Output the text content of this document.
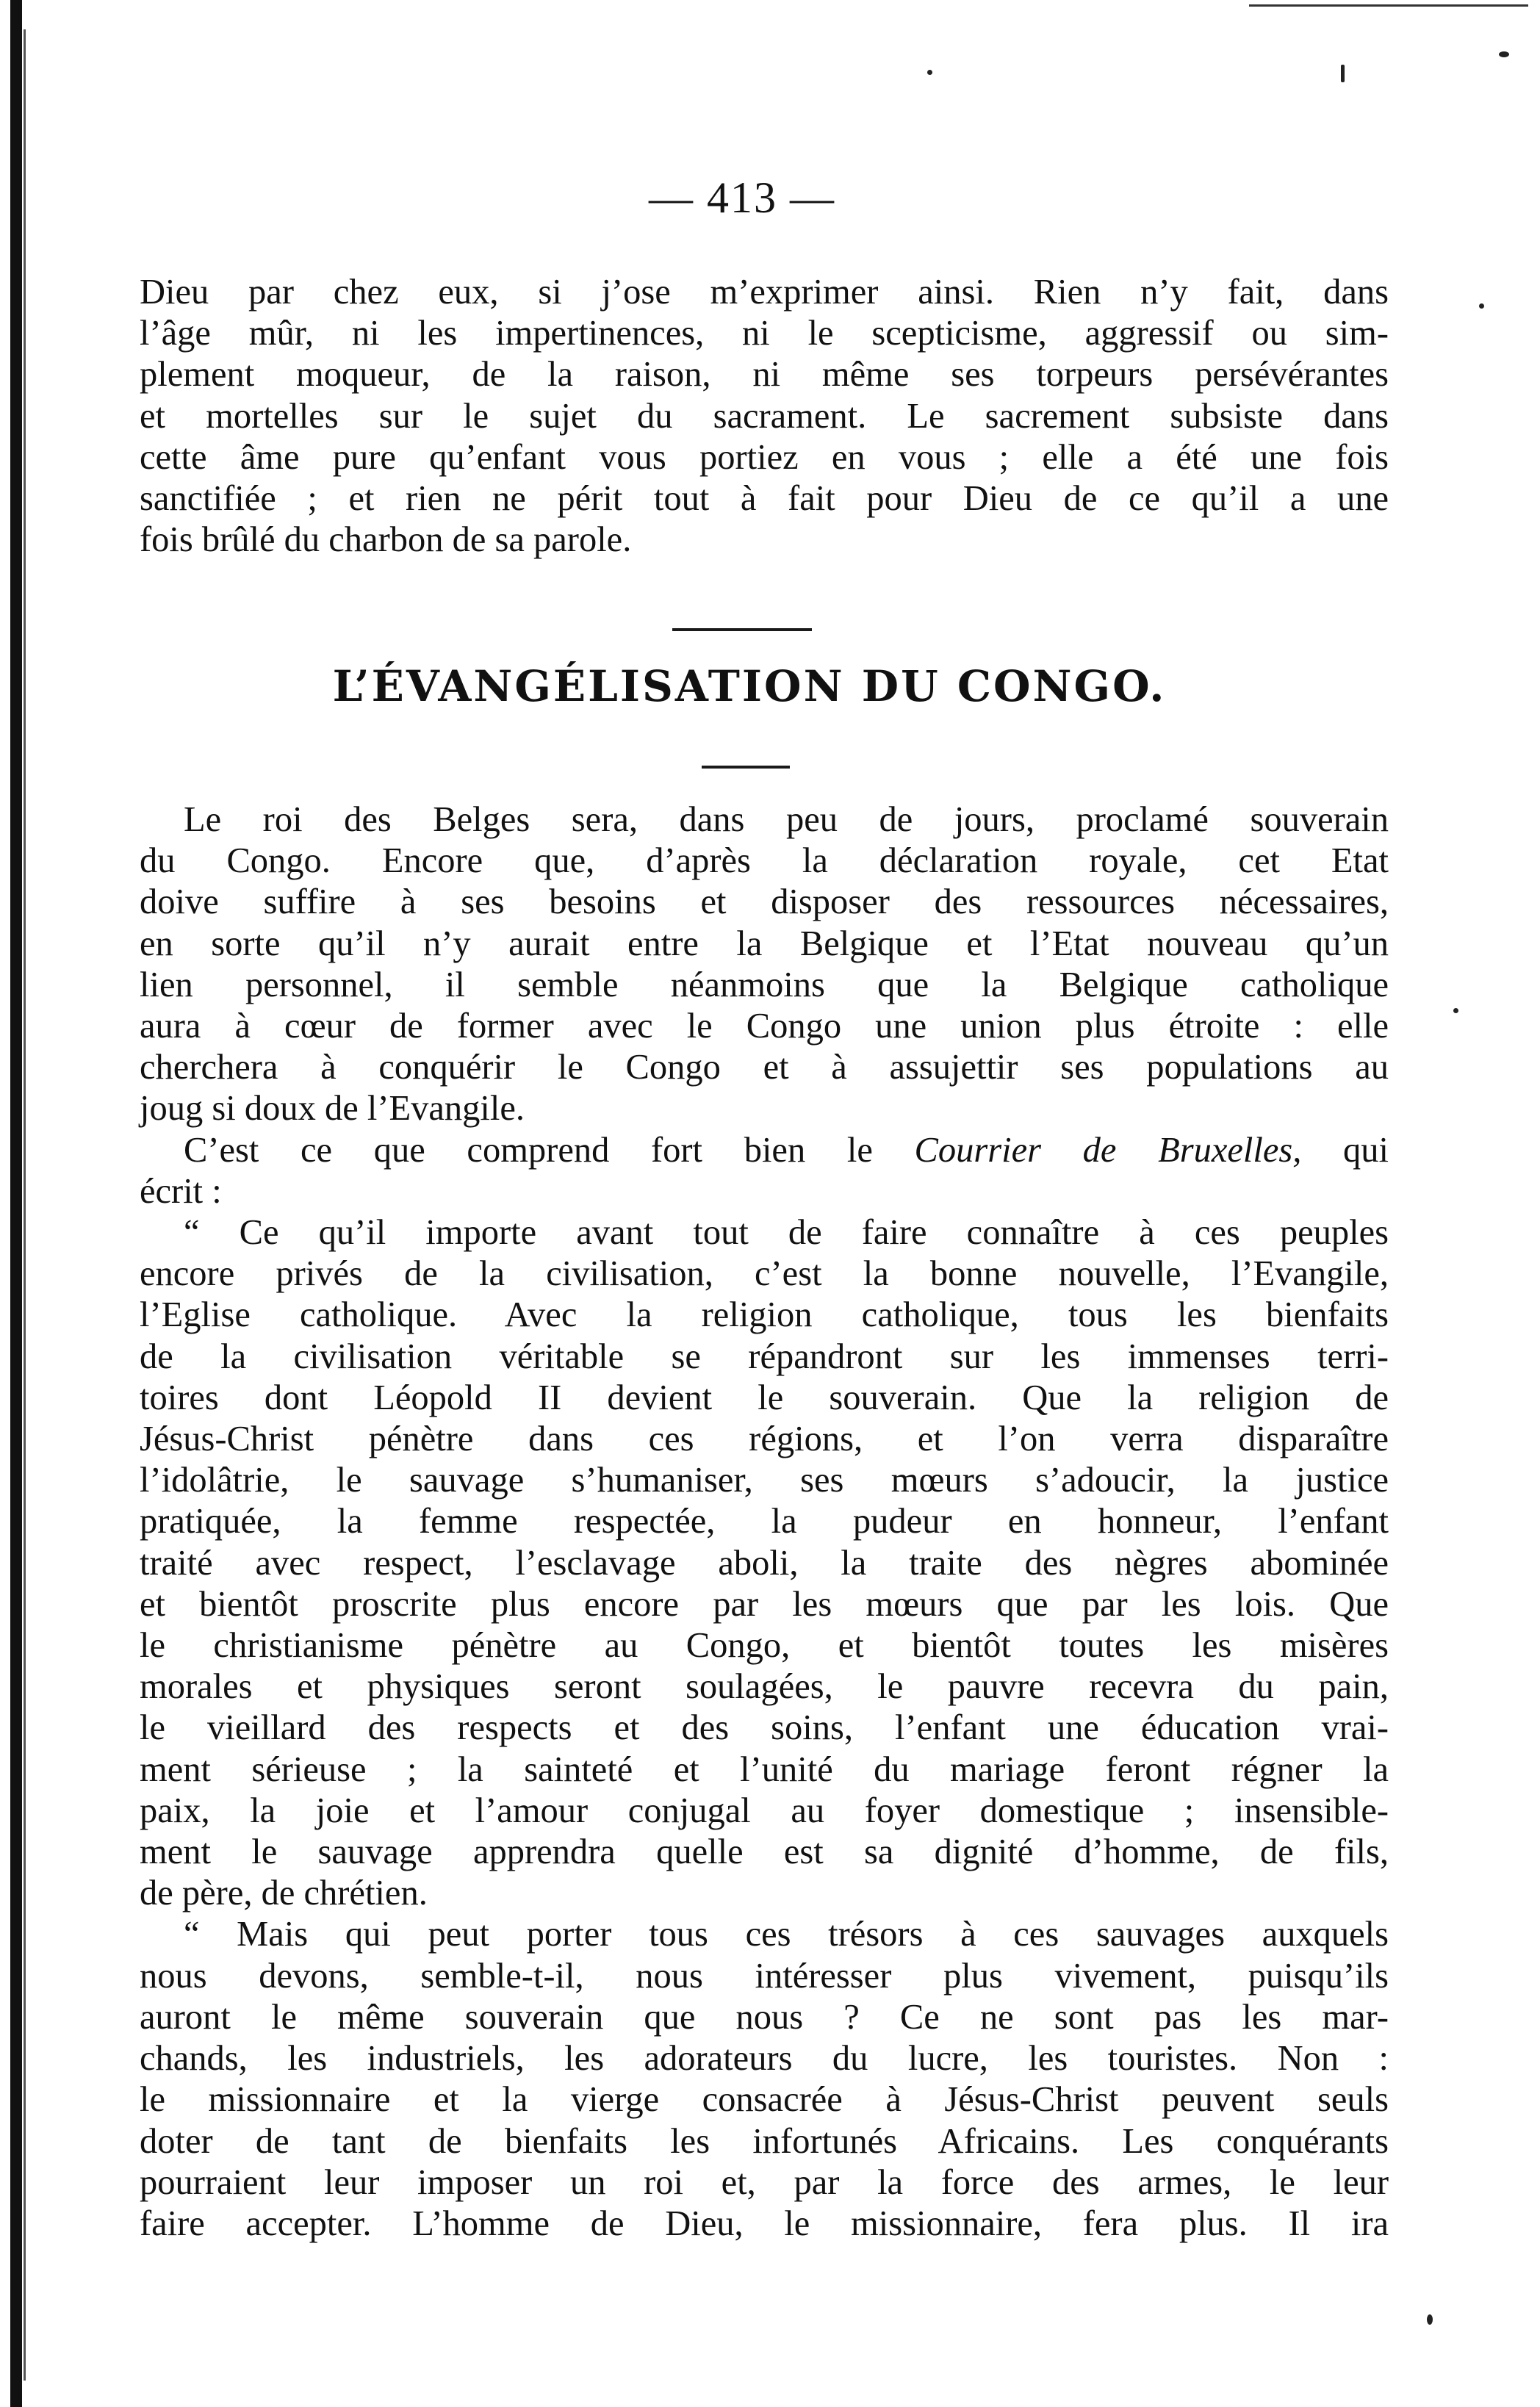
— 413 —
Dieu par chez eux, si j’ose m’exprimer ainsi. Rien n’y fait, dans
l’âge mûr, ni les impertinences, ni le scepticisme, aggressif ou sim-
plement moqueur, de la raison, ni même ses torpeurs persévérantes
et mortelles sur le sujet du sacrament. Le sacrement subsiste dans
cette âme pure qu’enfant vous portiez en vous ; elle a été une fois
sanctifiée ; et rien ne périt tout à fait pour Dieu de ce qu’il a une
fois brûlé du charbon de sa parole.
L’ÉVANGÉLISATION DU CONGO.
Le roi des Belges sera, dans peu de jours, proclamé souverain
du Congo. Encore que, d’après la déclaration royale, cet Etat
doive suffire à ses besoins et disposer des ressources nécessaires,
en sorte qu’il n’y aurait entre la Belgique et l’Etat nouveau qu’un
lien personnel, il semble néanmoins que la Belgique catholique
aura à cœur de former avec le Congo une union plus étroite : elle
cherchera à conquérir le Congo et à assujettir ses populations au
joug si doux de l’Evangile.
C’est ce que comprend fort bien le Courrier de Bruxelles, qui
écrit :
“ Ce qu’il importe avant tout de faire connaître à ces peuples
encore privés de la civilisation, c’est la bonne nouvelle, l’Evangile,
l’Eglise catholique. Avec la religion catholique, tous les bienfaits
de la civilisation véritable se répandront sur les immenses terri-
toires dont Léopold II devient le souverain. Que la religion de
Jésus-Christ pénètre dans ces régions, et l’on verra disparaître
l’idolâtrie, le sauvage s’humaniser, ses mœurs s’adoucir, la justice
pratiquée, la femme respectée, la pudeur en honneur, l’enfant
traité avec respect, l’esclavage aboli, la traite des nègres abominée
et bientôt proscrite plus encore par les mœurs que par les lois. Que
le christianisme pénètre au Congo, et bientôt toutes les misères
morales et physiques seront soulagées, le pauvre recevra du pain,
le vieillard des respects et des soins, l’enfant une éducation vrai-
ment sérieuse ; la sainteté et l’unité du mariage feront régner la
paix, la joie et l’amour conjugal au foyer domestique ; insensible-
ment le sauvage apprendra quelle est sa dignité d’homme, de fils,
de père, de chrétien.
“ Mais qui peut porter tous ces trésors à ces sauvages auxquels
nous devons, semble-t-il, nous intéresser plus vivement, puisqu’ils
auront le même souverain que nous ? Ce ne sont pas les mar-
chands, les industriels, les adorateurs du lucre, les touristes. Non :
le missionnaire et la vierge consacrée à Jésus-Christ peuvent seuls
doter de tant de bienfaits les infortunés Africains. Les conquérants
pourraient leur imposer un roi et, par la force des armes, le leur
faire accepter. L’homme de Dieu, le missionnaire, fera plus. Il ira
